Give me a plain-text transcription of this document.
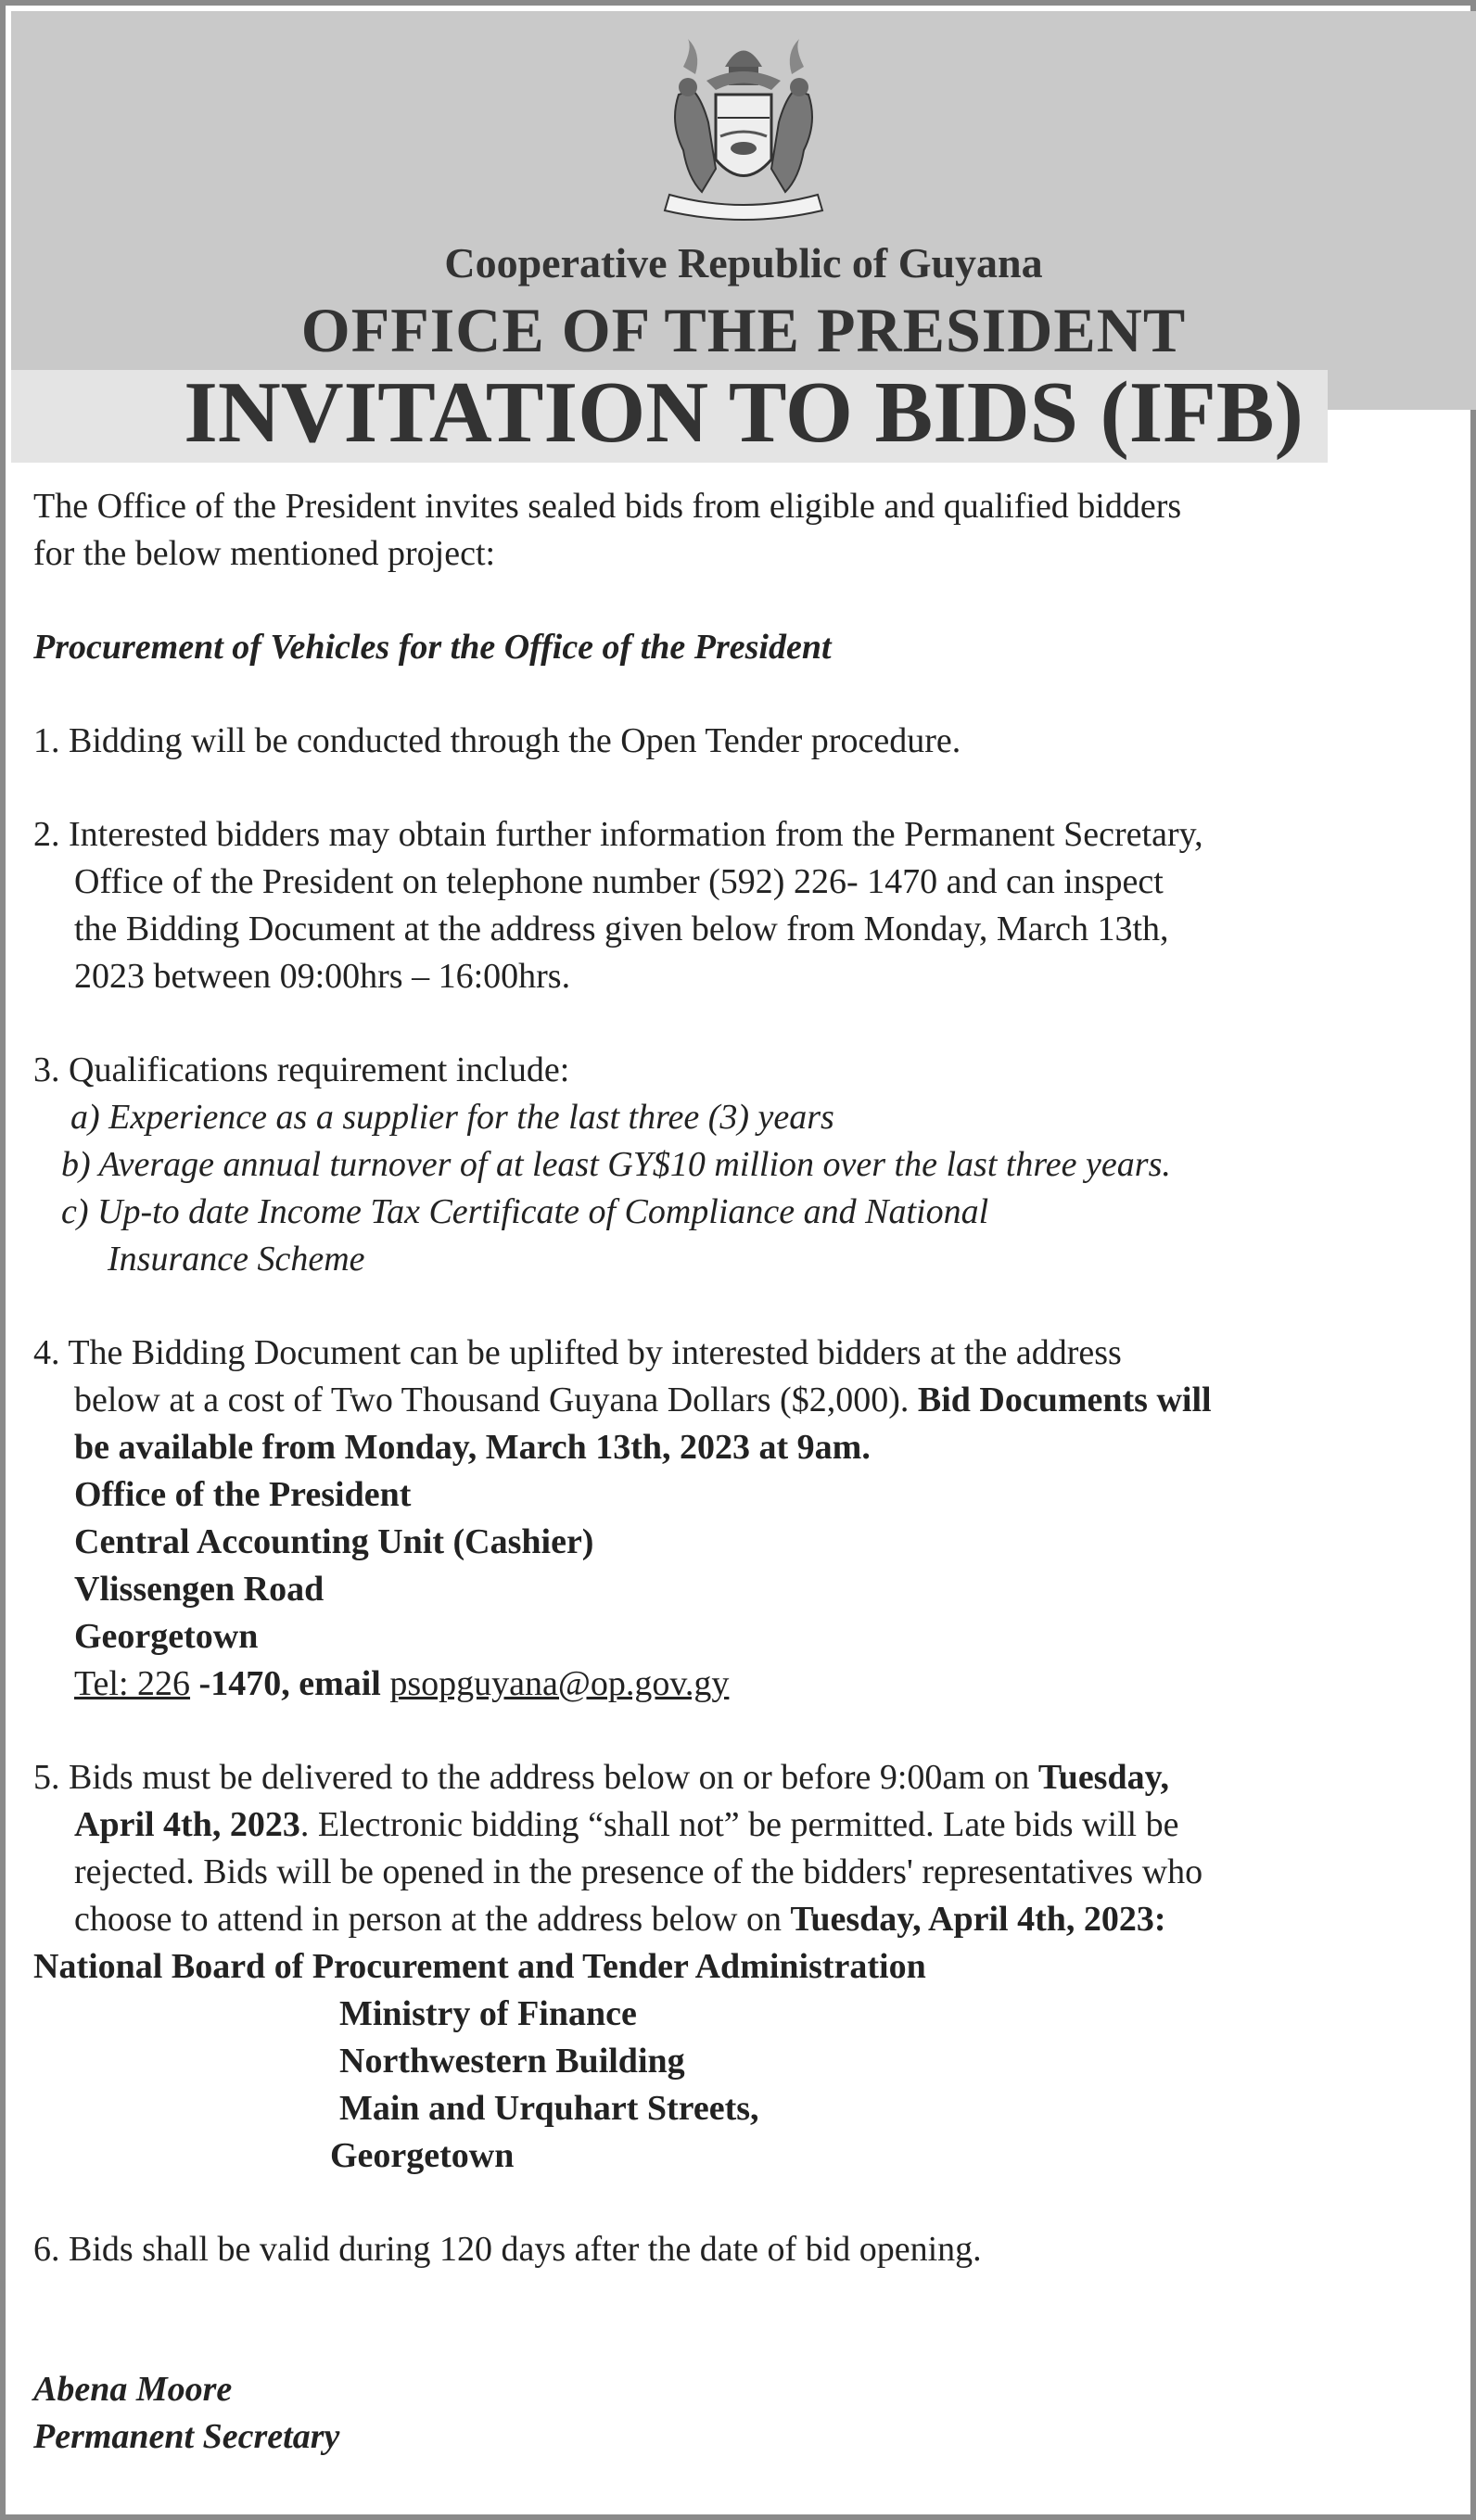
Cooperative Republic of Guyana
OFFICE OF THE PRESIDENT
INVITATION TO BIDS (IFB)

The Office of the President invites sealed bids from eligible and qualified bidders

for the below mentioned project:

Procurement of Vehicles for the Office of the President

1. Bidding will be conducted through the Open Tender procedure.

2. Interested bidders may obtain further information from the Permanent Secretary,

Office of the President on telephone number (592) 226- 1470 and can inspect

the Bidding Document at the address given below from Monday, March 13th,

2023 between 09:00hrs – 16:00hrs.

3. Qualifications requirement include:

a) Experience as a supplier for the last three (3) years

b) Average annual turnover of at least GY$10 million over the last three years.

c) Up-to date Income Tax Certificate of Compliance and National

Insurance Scheme

4. The Bidding Document can be uplifted by interested bidders at the address

below at a cost of Two Thousand Guyana Dollars ($2,000). Bid Documents will

be available from Monday, March 13th, 2023 at 9am.

Office of the President

Central Accounting Unit (Cashier)

Vlissengen Road

Georgetown

Tel: 226 -1470, email psopguyana@op.gov.gy

5. Bids must be delivered to the address below on or before 9:00am on Tuesday,

April 4th, 2023. Electronic bidding “shall not” be permitted. Late bids will be

rejected. Bids will be opened in the presence of the bidders' representatives who

choose to attend in person at the address below on Tuesday, April 4th, 2023:

National Board of Procurement and Tender Administration

Ministry of Finance

Northwestern Building

Main and Urquhart Streets,

Georgetown

6. Bids shall be valid during 120 days after the date of bid opening.

Abena Moore

Permanent Secretary
